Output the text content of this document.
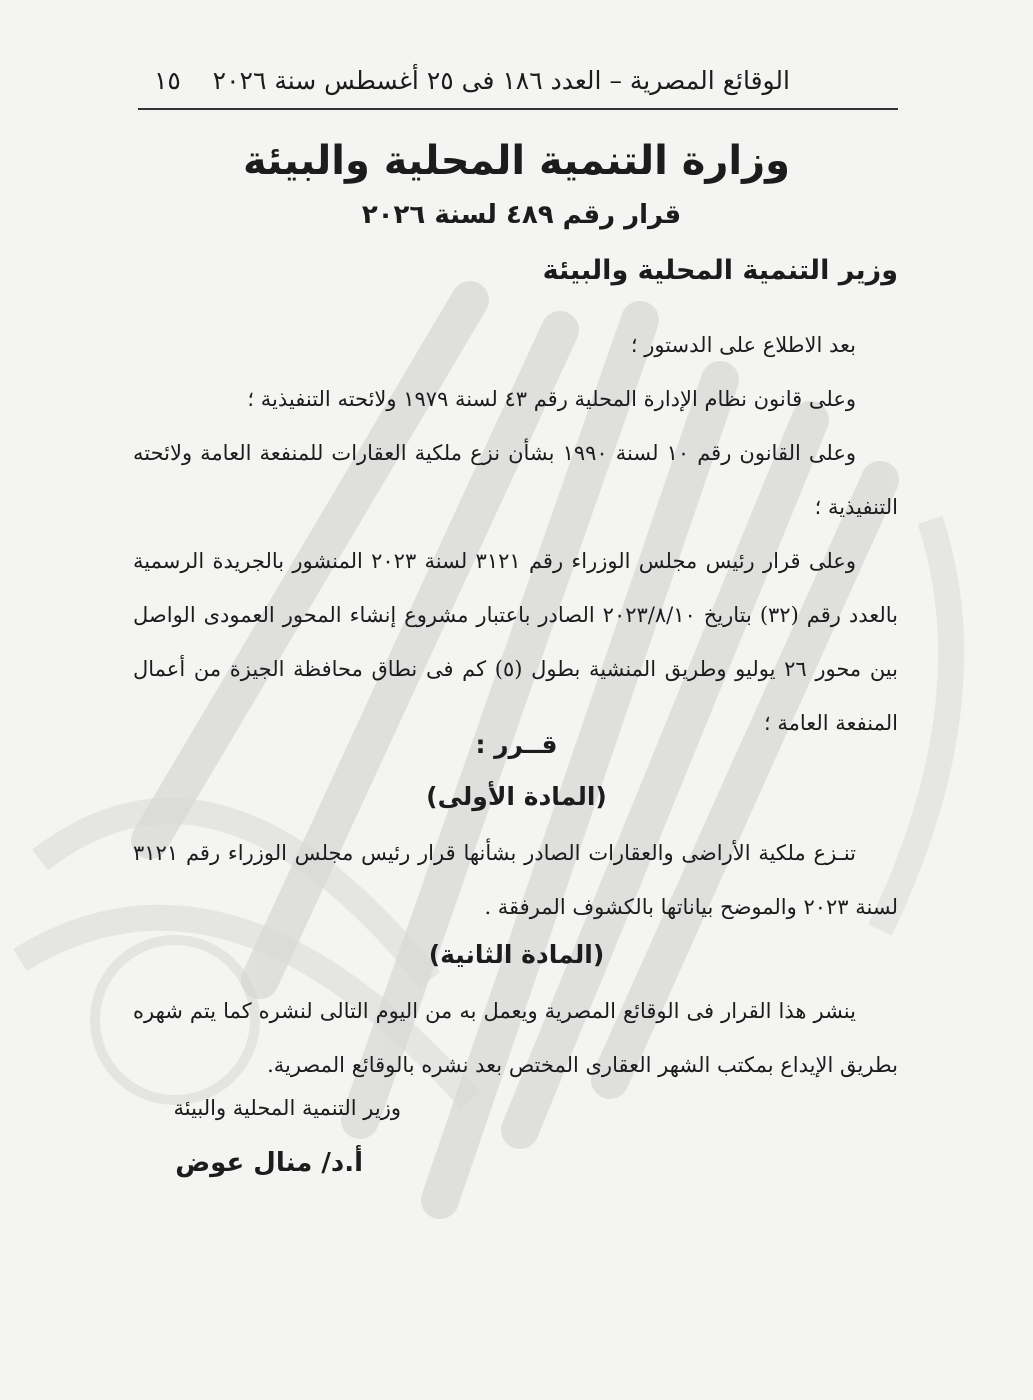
الوقائع المصرية – العدد ١٨٦ فى ٢٥ أغسطس سنة ٢٠٢٦
١٥
وزارة التنمية المحلية والبيئة
قرار رقم ٤٨٩ لسنة ٢٠٢٦
وزير التنمية المحلية والبيئة

بعد الاطلاع على الدستور ؛

وعلى قانون نظام الإدارة المحلية رقم ٤٣ لسنة ١٩٧٩ ولائحته التنفيذية ؛

وعلى القانون رقم ١٠ لسنة ١٩٩٠ بشأن نزع ملكية العقارات للمنفعة العامة ولائحته التنفيذية ؛

وعلى قرار رئيس مجلس الوزراء رقم ٣١٢١ لسنة ٢٠٢٣ المنشور بالجريدة الرسمية بالعدد رقم (٣٢) بتاريخ ٢٠٢٣/٨/١٠ الصادر باعتبار مشروع إنشاء المحور العمودى الواصل بين محور ٢٦ يوليو وطريق المنشية بطول (٥) كم فى نطاق محافظة الجيزة من أعمال المنفعة العامة ؛

قــرر :
(المادة الأولى)

تنـزع ملكية الأراضى والعقارات الصادر بشأنها قرار رئيس مجلس الوزراء رقم ٣١٢١ لسنة ٢٠٢٣ والموضح بياناتها بالكشوف المرفقة .

(المادة الثانية)

ينشر هذا القرار فى الوقائع المصرية ويعمل به من اليوم التالى لنشره كما يتم شهره بطريق الإيداع بمكتب الشهر العقارى المختص بعد نشره بالوقائع المصرية.

وزير التنمية المحلية والبيئة
أ.د/ منال عوض
